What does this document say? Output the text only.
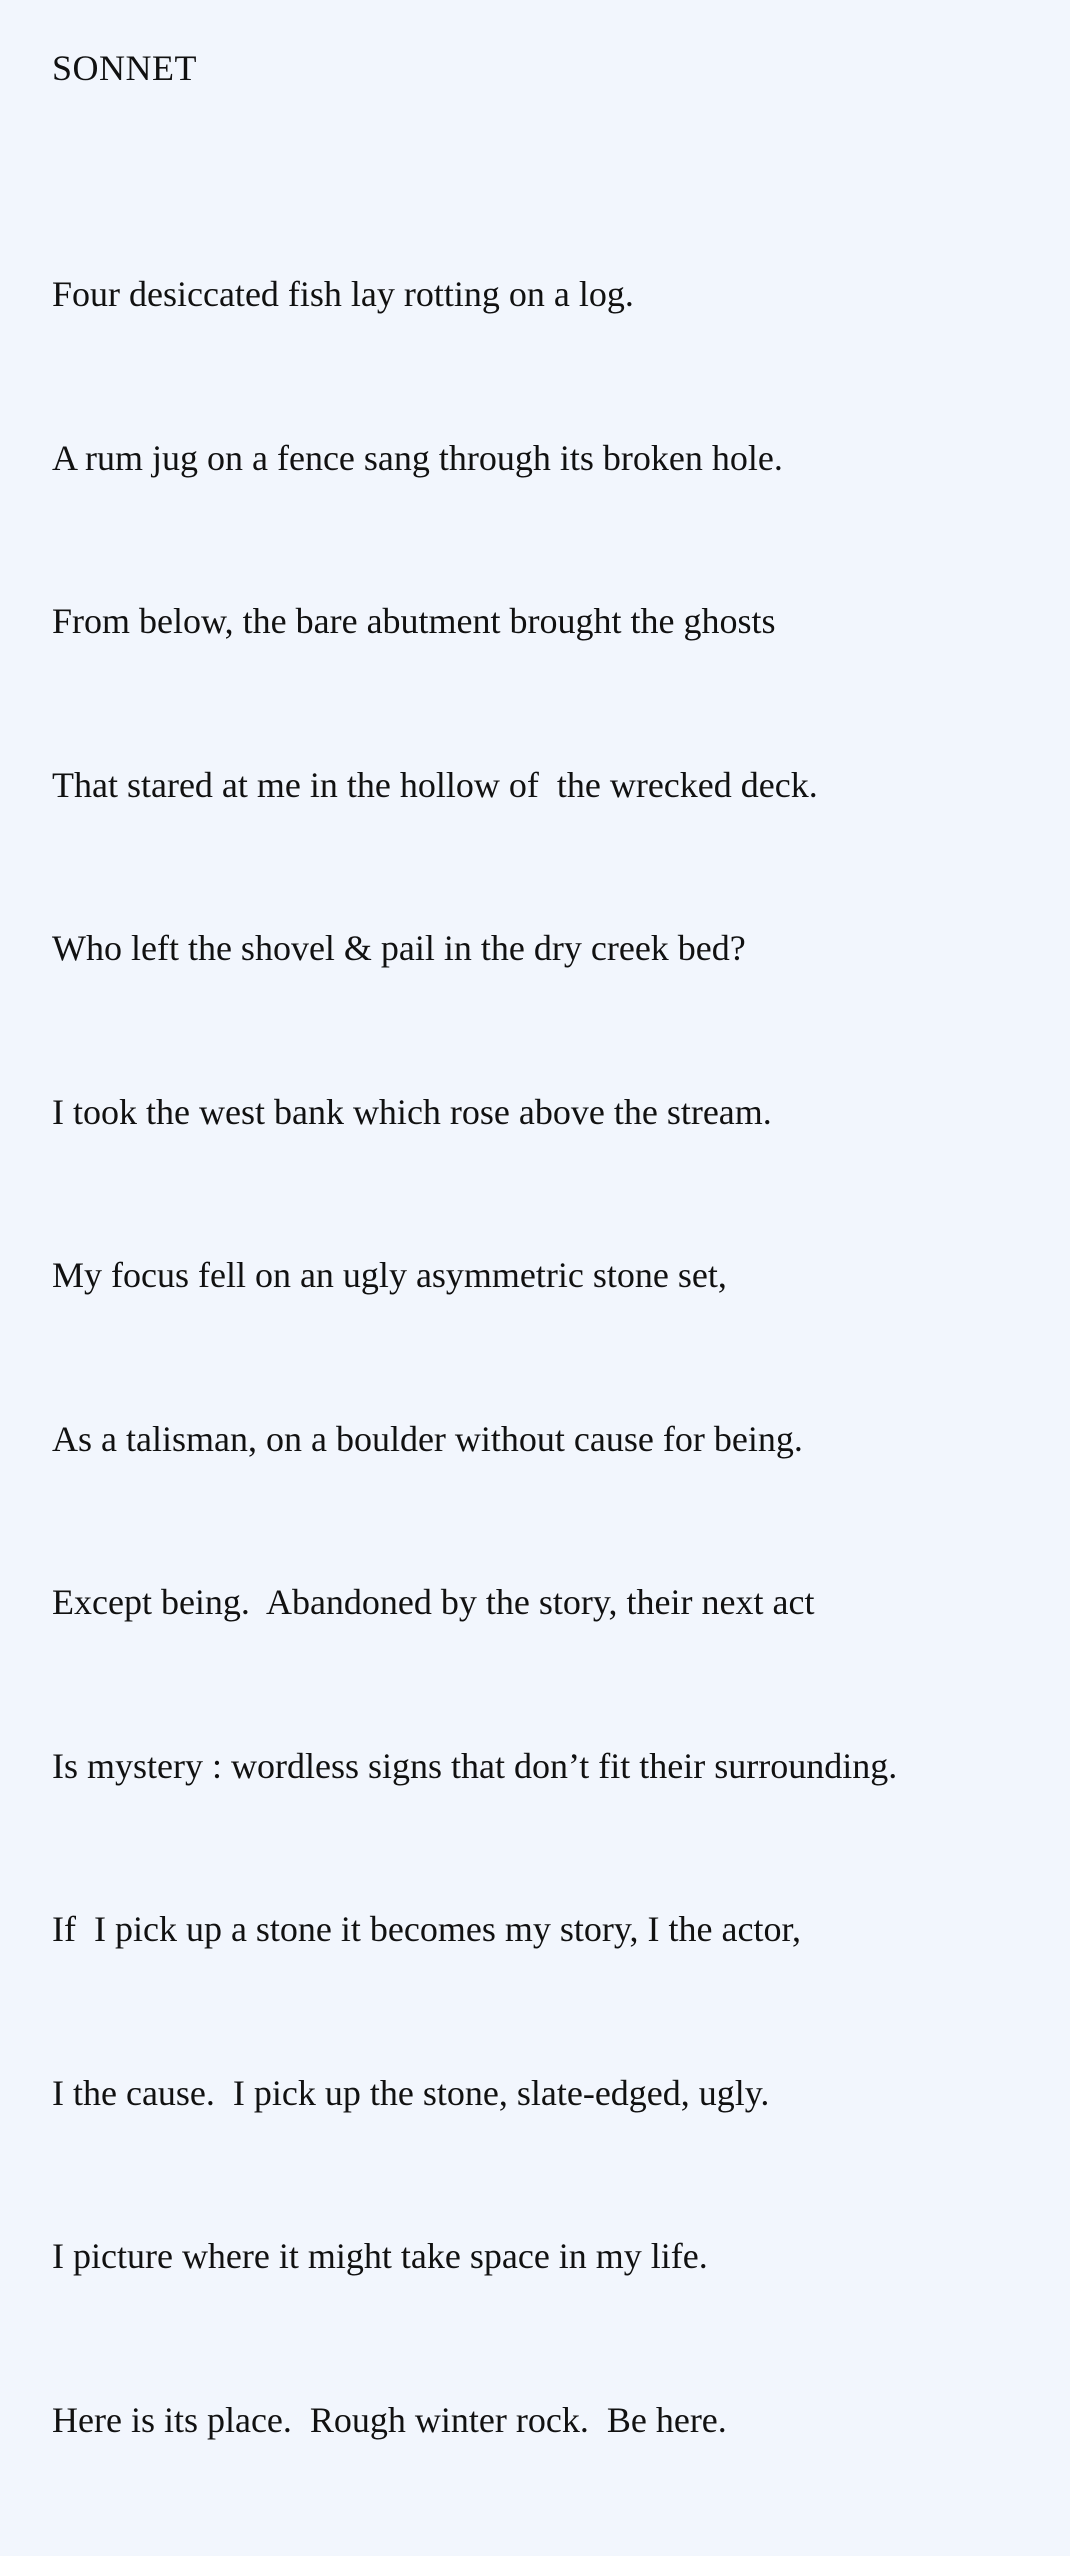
SONNET

Four desiccated fish lay rotting on a log.

A rum jug on a fence sang through its broken hole.

From below, the bare abutment brought the ghosts

That stared at me in the hollow of  the wrecked deck.

Who left the shovel & pail in the dry creek bed?

I took the west bank which rose above the stream.

My focus fell on an ugly asymmetric stone set,

As a talisman, on a boulder without cause for being.

Except being.  Abandoned by the story, their next act

Is mystery : wordless signs that don’t fit their surrounding.

If  I pick up a stone it becomes my story, I the actor,

I the cause.  I pick up the stone, slate-edged, ugly.

I picture where it might take space in my life.

Here is its place.  Rough winter rock.  Be here.
